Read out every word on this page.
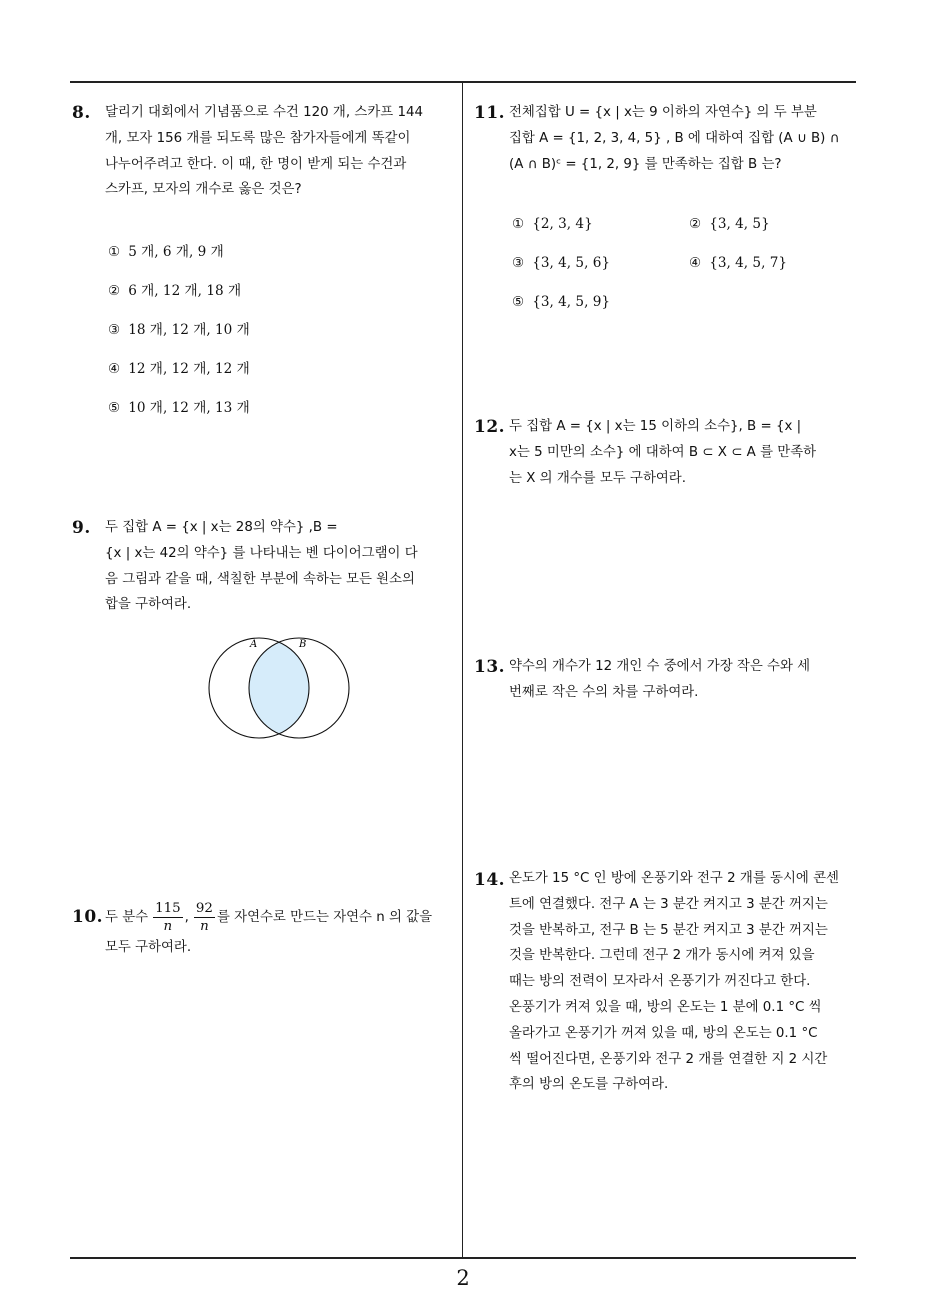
8. 달리기 대회에서 기념품으로 수건 120 개, 스카프 144
개, 모자 156 개를 되도록 많은 참가자들에게 똑같이
나누어주려고 한다. 이 때, 한 명이 받게 되는 수건과
스카프, 모자의 개수로 옳은 것은?
① 5 개, 6 개, 9 개
② 6 개, 12 개, 18 개
③ 18 개, 12 개, 10 개
④ 12 개, 12 개, 12 개
⑤ 10 개, 12 개, 13 개
9. 두 집합 A = {x | x는 28의 약수} ,B =
{x | x는 42의 약수} 를 나타내는 벤 다이어그램이 다
음 그림과 같을 때, 색칠한 부분에 속하는 모든 원소의
합을 구하여라.
A	B
10. 두 분수 $\frac{115}{n}$ , $\frac{92}{n}$ 를 자연수로 만드는 자연수 n 의 값을
모두 구하여라.
11. 전체집합 U = {x | x는 9 이하의 자연수} 의 두 부분
집합 A = {1, 2, 3, 4, 5} , B 에 대하여 집합 (A ∪ B) ∩
(A ∩ B)ᶜ = {1, 2, 9} 를 만족하는 집합 B 는?
① {2, 3, 4}	② {3, 4, 5}
③ {3, 4, 5, 6}	④ {3, 4, 5, 7}
⑤ {3, 4, 5, 9}
12. 두 집합 A = {x | x는 15 이하의 소수}, B = {x |
x는 5 미만의 소수} 에 대하여 B ⊂ X ⊂ A 를 만족하
는 X 의 개수를 모두 구하여라.
13. 약수의 개수가 12 개인 수 중에서 가장 작은 수와 세
번째로 작은 수의 차를 구하여라.
14. 온도가 15 °C 인 방에 온풍기와 전구 2 개를 동시에 콘센
트에 연결했다. 전구 A 는 3 분간 켜지고 3 분간 꺼지는
것을 반복하고, 전구 B 는 5 분간 켜지고 3 분간 꺼지는
것을 반복한다. 그런데 전구 2 개가 동시에 켜져 있을
때는 방의 전력이 모자라서 온풍기가 꺼진다고 한다.
온풍기가 켜져 있을 때, 방의 온도는 1 분에 0.1 °C 씩
올라가고 온풍기가 꺼져 있을 때, 방의 온도는 0.1 °C
씩 떨어진다면, 온풍기와 전구 2 개를 연결한 지 2 시간
후의 방의 온도를 구하여라.
2
